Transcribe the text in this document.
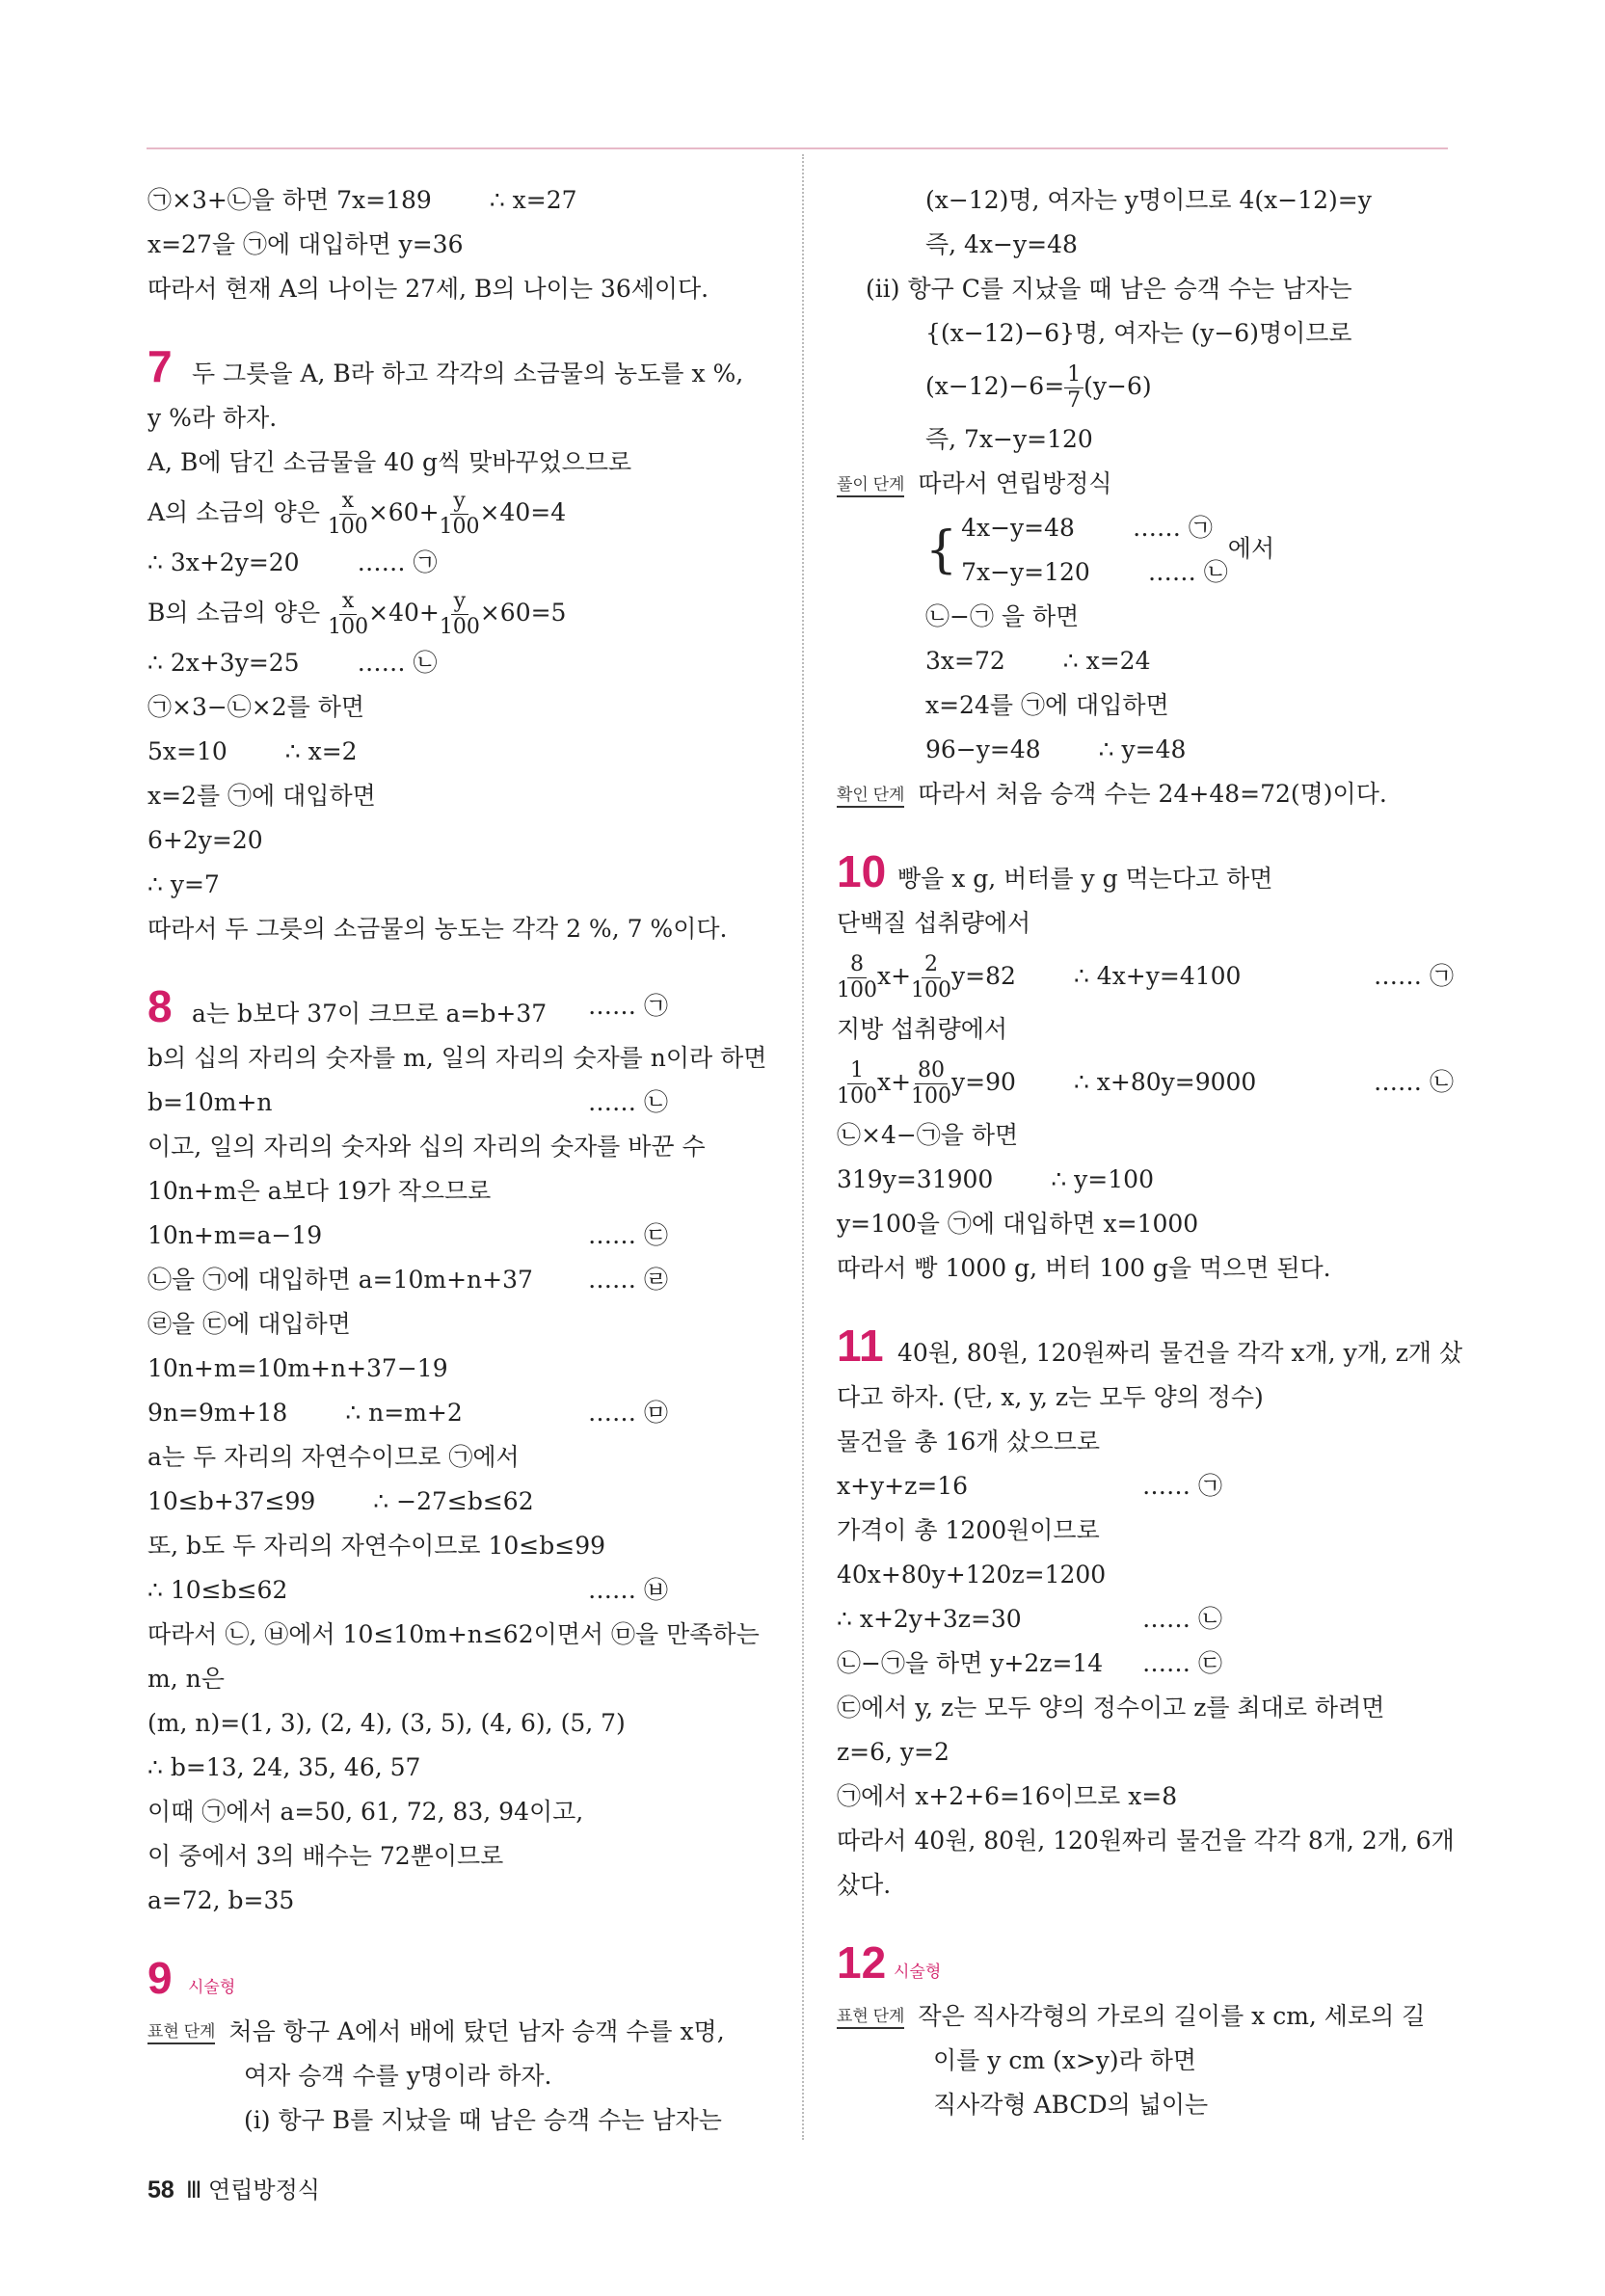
㉠×3+㉡을 하면 7x=189 ∴ x=27
x=27을 ㉠에 대입하면 y=36
따라서 현재 A의 나이는 27세, B의 나이는 36세이다.
7 두 그릇을 A, B라 하고 각각의 소금물의 농도를 x %,
y %라 하자.
A, B에 담긴 소금물을 40 g씩 맞바꾸었으므로
A의 소금의 양은 $\frac{x}{100} \times 60+ \frac{y}{100} \times 40=4$
∴ 3x+2y=20 …… ㉠
B의 소금의 양은 $\frac{x}{100} \times 40+ \frac{y}{100} \times 60=5$
∴ 2x+3y=25 …… ㉡
㉠×3−㉡×2를 하면
5x=10 ∴ x=2
x=2를 ㉠에 대입하면
6+2y=20
∴ y=7
따라서 두 그릇의 소금물의 농도는 각각 2 %, 7 %이다.
8 a는 b보다 37이 크므로 a=b+37 …… ㉠
b의 십의 자리의 숫자를 m, 일의 자리의 숫자를 n이라 하면
b=10m+n	…… ㉡
이고, 일의 자리의 숫자와 십의 자리의 숫자를 바꾼 수
10n+m은 a보다 19가 작으므로
10n+m=a−19	…… ㉢
㉡을 ㉠에 대입하면 a=10m+n+37 …… ㉣
㉣을 ㉢에 대입하면
10n+m=10m+n+37−19
9n=9m+18 ∴ n=m+2	…… ㉤
a는 두 자리의 자연수이므로 ㉠에서
10≤b+37≤99 ∴ −27≤b≤62
또, b도 두 자리의 자연수이므로 10≤b≤99
∴ 10≤b≤62	…… ㉥
따라서 ㉡, ㉥에서 10≤10m+n≤62이면서 ㉤을 만족하는
m, n은
(m, n)=(1, 3), (2, 4), (3, 5), (4, 6), (5, 7)
∴ b=13, 24, 35, 46, 57
이때 ㉠에서 a=50, 61, 72, 83, 94이고,
이 중에서 3의 배수는 72뿐이므로
a=72, b=35
9 시술형
표현 단계 처음 항구 A에서 배에 탔던 남자 승객 수를 x명,
여자 승객 수를 y명이라 하자.
(ⅰ) 항구 B를 지났을 때 남은 승객 수는 남자는
(x−12)명, 여자는 y명이므로 4(x−12)=y
즉, 4x−y=48
(ⅱ) 항구 C를 지났을 때 남은 승객 수는 남자는
{(x−12)−6}명, 여자는 (y−6)명이므로
$(x-12)-6= \frac{1}{7} (y-6)$
즉, 7x−y=120
풀이 단계 따라서 연립방정식
{ 4x−y=48 …… ㉠
7x−y=120 …… ㉡
에서
㉡−㉠ 을 하면
3x=72 ∴ x=24
x=24를 ㉠에 대입하면
96−y=48 ∴ y=48
확인 단계 따라서 처음 승객 수는 24+48=72(명)이다.
10 빵을 x g, 버터를 y g 먹는다고 하면
단백질 섭취량에서
$\frac{8}{100} x+ \frac{2}{100} y=82$ ∴ 4x+y=4100	…… ㉠
지방 섭취량에서
$\frac{1}{100} x+ \frac{80}{100} y=90$ ∴ x+80y=9000	…… ㉡
㉡×4−㉠을 하면
319y=31900 ∴ y=100
y=100을 ㉠에 대입하면 x=1000
따라서 빵 1000 g, 버터 100 g을 먹으면 된다.
11 40원, 80원, 120원짜리 물건을 각각 x개, y개, z개 샀
다고 하자. (단, x, y, z는 모두 양의 정수)
물건을 총 16개 샀으므로
x+y+z=16	…… ㉠
가격이 총 1200원이므로
40x+80y+120z=1200
∴ x+2y+3z=30	…… ㉡
㉡−㉠을 하면 y+2z=14 …… ㉢
㉢에서 y, z는 모두 양의 정수이고 z를 최대로 하려면
z=6, y=2
㉠에서 x+2+6=16이므로 x=8
따라서 40원, 80원, 120원짜리 물건을 각각 8개, 2개, 6개
샀다.
12 시술형
표현 단계 작은 직사각형의 가로의 길이를 x cm, 세로의 길
이를 y cm (x>y)라 하면
직사각형 ABCD의 넓이는
58 Ⅲ 연립방정식
